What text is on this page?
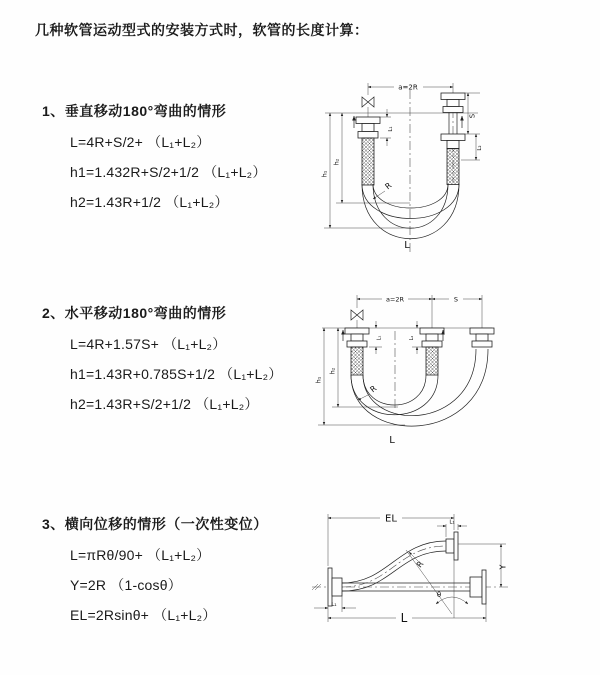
几种软管运动型式的安装方式时，软管的长度计算：
1、垂直移动180°弯曲的情形

L=4R+S/2+ （L₁+L₂）

h1=1.432R+S/2+1/2 （L₁+L₂）

h2=1.43R+1/2 （L₁+L₂）

2、水平移动180°弯曲的情形

L=4R+1.57S+ （L₁+L₂）

h1=1.43R+0.785S+1/2 （L₁+L₂）

h2=1.43R+S/2+1/2 （L₁+L₂）

3、横向位移的情形（一次性变位）

L=πRθ/90+ （L₁+L₂）

Y=2R （1-cosθ）

EL=2Rsinθ+ （L₁+L₂）

a=2R
L₁
S
L₂
h₂
h₁
R
L
a=2R	S
L₁	L₂
h₂
h₁
R
L
EL	L₁
Y
L
L₁
R
θ
